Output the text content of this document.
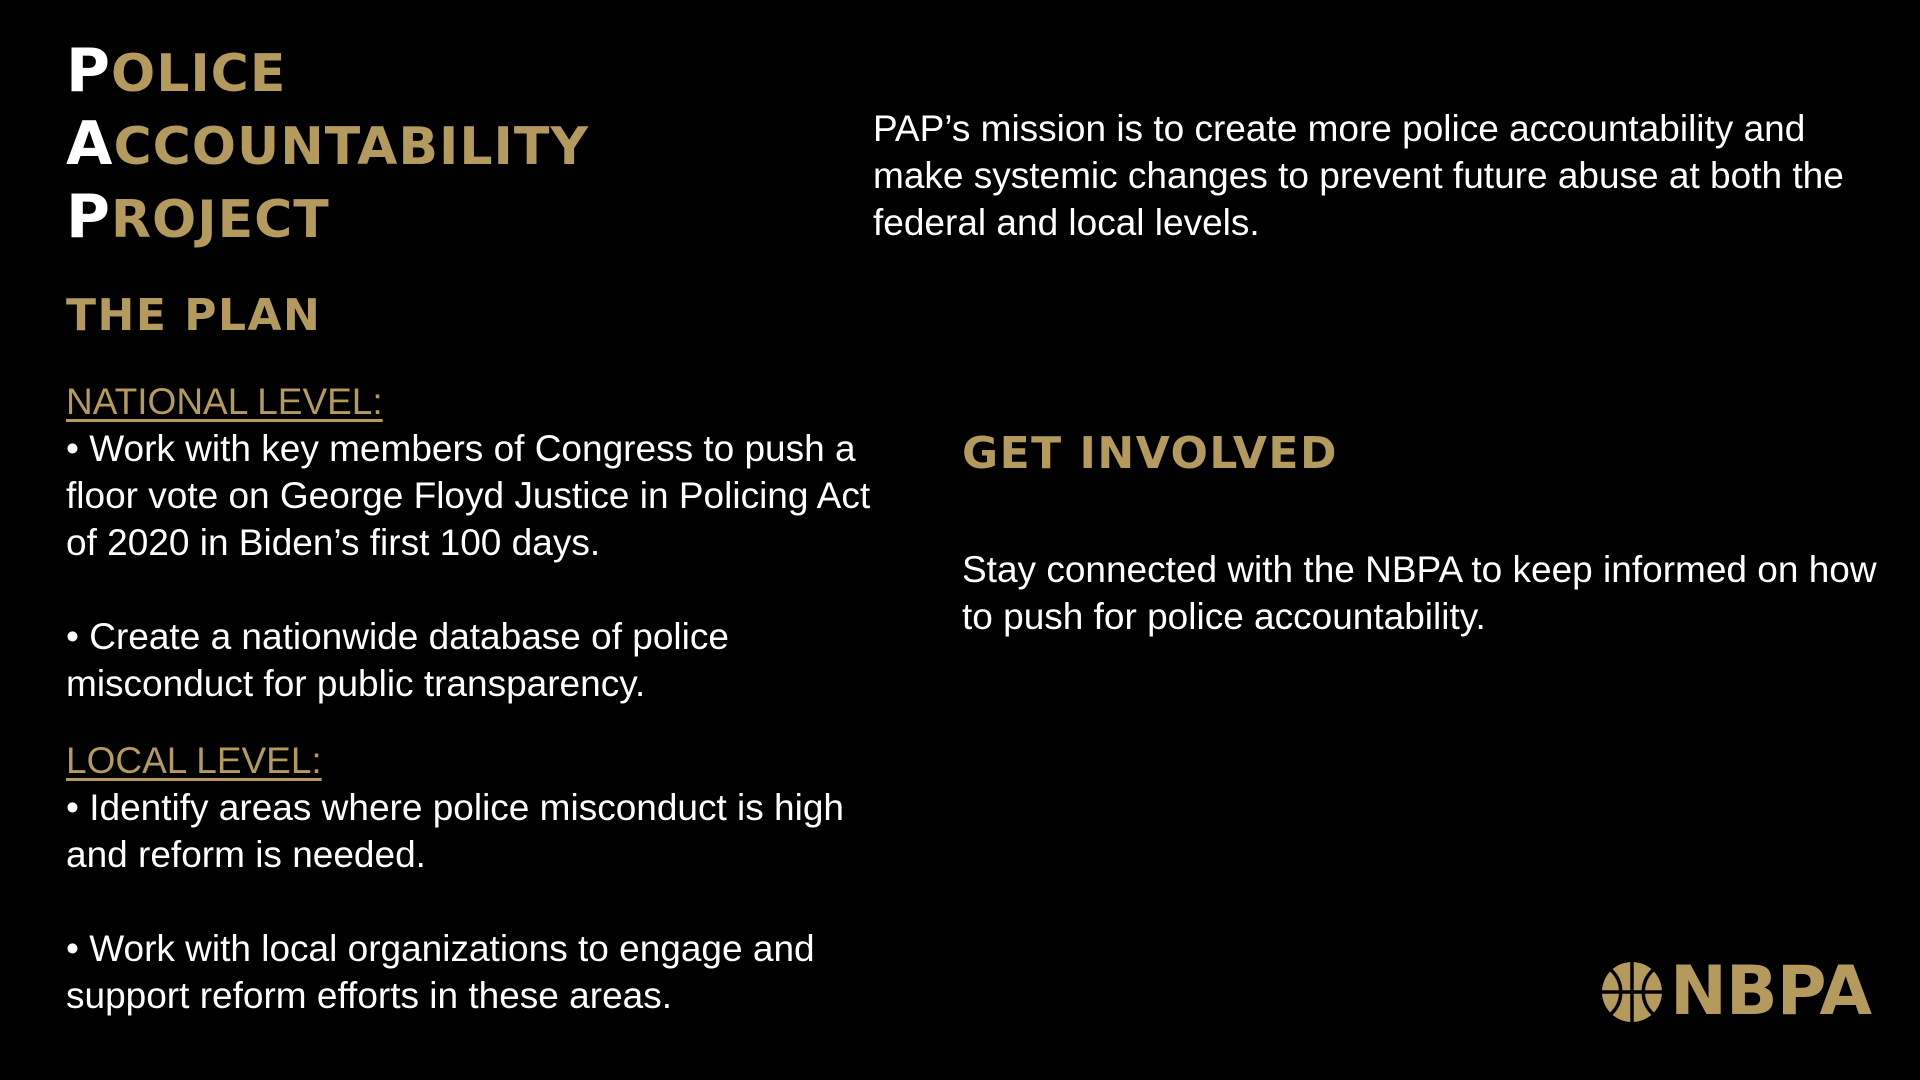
POLICE
ACCOUNTABILITY
PROJECT

PAP’s mission is to create more police accountability and make systemic changes to prevent future abuse at both the federal and local levels.

THE PLAN
NATIONAL LEVEL:

• Work with key members of Congress to push a floor vote on George Floyd Justice in Policing Act of 2020 in Biden’s first 100 days.

• Create a nationwide database of police misconduct for public transparency.

LOCAL LEVEL:

• Identify areas where police misconduct is high and reform is needed.

• Work with local organizations to engage and support reform efforts in these areas.

GET INVOLVED

Stay connected with the NBPA to keep informed on how to push for police accountability.

NBPA
